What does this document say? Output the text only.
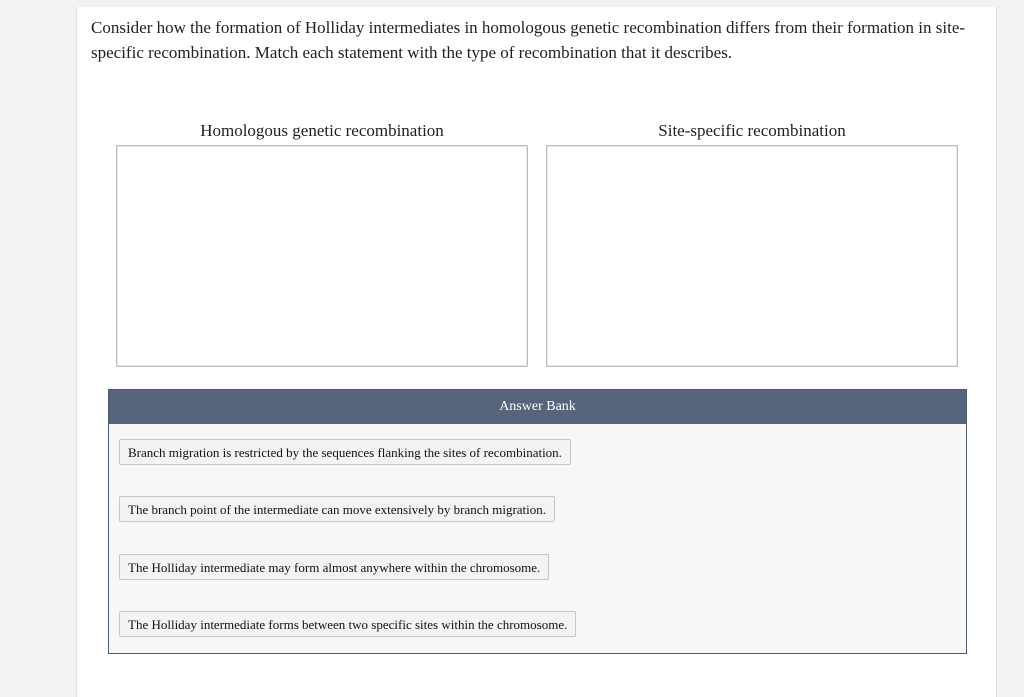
Consider how the formation of Holliday intermediates in homologous genetic recombination differs from their formation in site-specific recombination. Match each statement with the type of recombination that it describes.
Homologous genetic recombination	Site-specific recombination
Answer Bank
Branch migration is restricted by the sequences flanking the sites of recombination.
The branch point of the intermediate can move extensively by branch migration.
The Holliday intermediate may form almost anywhere within the chromosome.
The Holliday intermediate forms between two specific sites within the chromosome.
